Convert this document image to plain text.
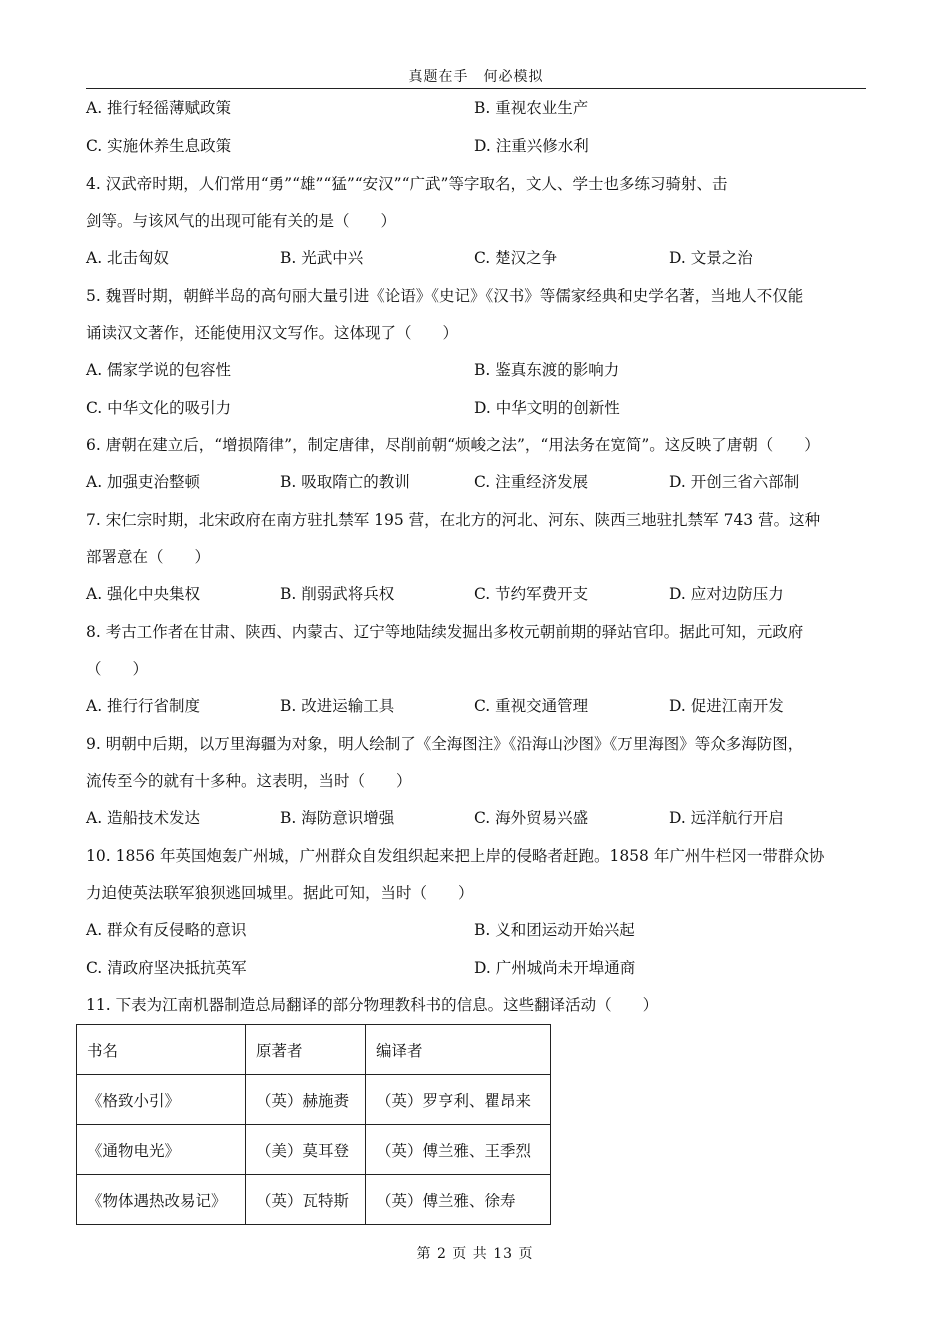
真题在手　何必模拟
A. 推行轻徭薄赋政策	B. 重视农业生产
C. 实施休养生息政策	D. 注重兴修水利
4. 汉武帝时期，人们常用“勇”“雄”“猛”“安汉”“广武”等字取名，文人、学士也多练习骑射、击
剑等。与该风气的出现可能有关的是（　　）
A. 北击匈奴	B. 光武中兴	C. 楚汉之争	D. 文景之治
5. 魏晋时期，朝鲜半岛的高句丽大量引进《论语》《史记》《汉书》等儒家经典和史学名著，当地人不仅能
诵读汉文著作，还能使用汉文写作。这体现了（　　）
A. 儒家学说的包容性	B. 鉴真东渡的影响力
C. 中华文化的吸引力	D. 中华文明的创新性
6. 唐朝在建立后，“增损隋律”，制定唐律，尽削前朝“烦峻之法”，“用法务在宽简”。这反映了唐朝（　　）
A. 加强吏治整顿	B. 吸取隋亡的教训	C. 注重经济发展	D. 开创三省六部制
7. 宋仁宗时期，北宋政府在南方驻扎禁军 195 营，在北方的河北、河东、陕西三地驻扎禁军 743 营。这种
部署意在（　　）
A. 强化中央集权	B. 削弱武将兵权	C. 节约军费开支	D. 应对边防压力
8. 考古工作者在甘肃、陕西、内蒙古、辽宁等地陆续发掘出多枚元朝前期的驿站官印。据此可知，元政府
（　　）
A. 推行行省制度	B. 改进运输工具	C. 重视交通管理	D. 促进江南开发
9. 明朝中后期，以万里海疆为对象，明人绘制了《全海图注》《沿海山沙图》《万里海图》等众多海防图，
流传至今的就有十多种。这表明，当时（　　）
A. 造船技术发达	B. 海防意识增强	C. 海外贸易兴盛	D. 远洋航行开启
10. 1856 年英国炮轰广州城，广州群众自发组织起来把上岸的侵略者赶跑。1858 年广州牛栏冈一带群众协
力迫使英法联军狼狈逃回城里。据此可知，当时（　　）
A. 群众有反侵略的意识	B. 义和团运动开始兴起
C. 清政府坚决抵抗英军	D. 广州城尚未开埠通商
11. 下表为江南机器制造总局翻译的部分物理教科书的信息。这些翻译活动（　　）
书名	原著者	编译者
《格致小引》	（英）赫施赉	（英）罗亨利、瞿昂来
《通物电光》	（美）莫耳登	（英）傅兰雅、王季烈
《物体遇热改易记》	（英）瓦特斯	（英）傅兰雅、徐寿
第 2 页 共 13 页
